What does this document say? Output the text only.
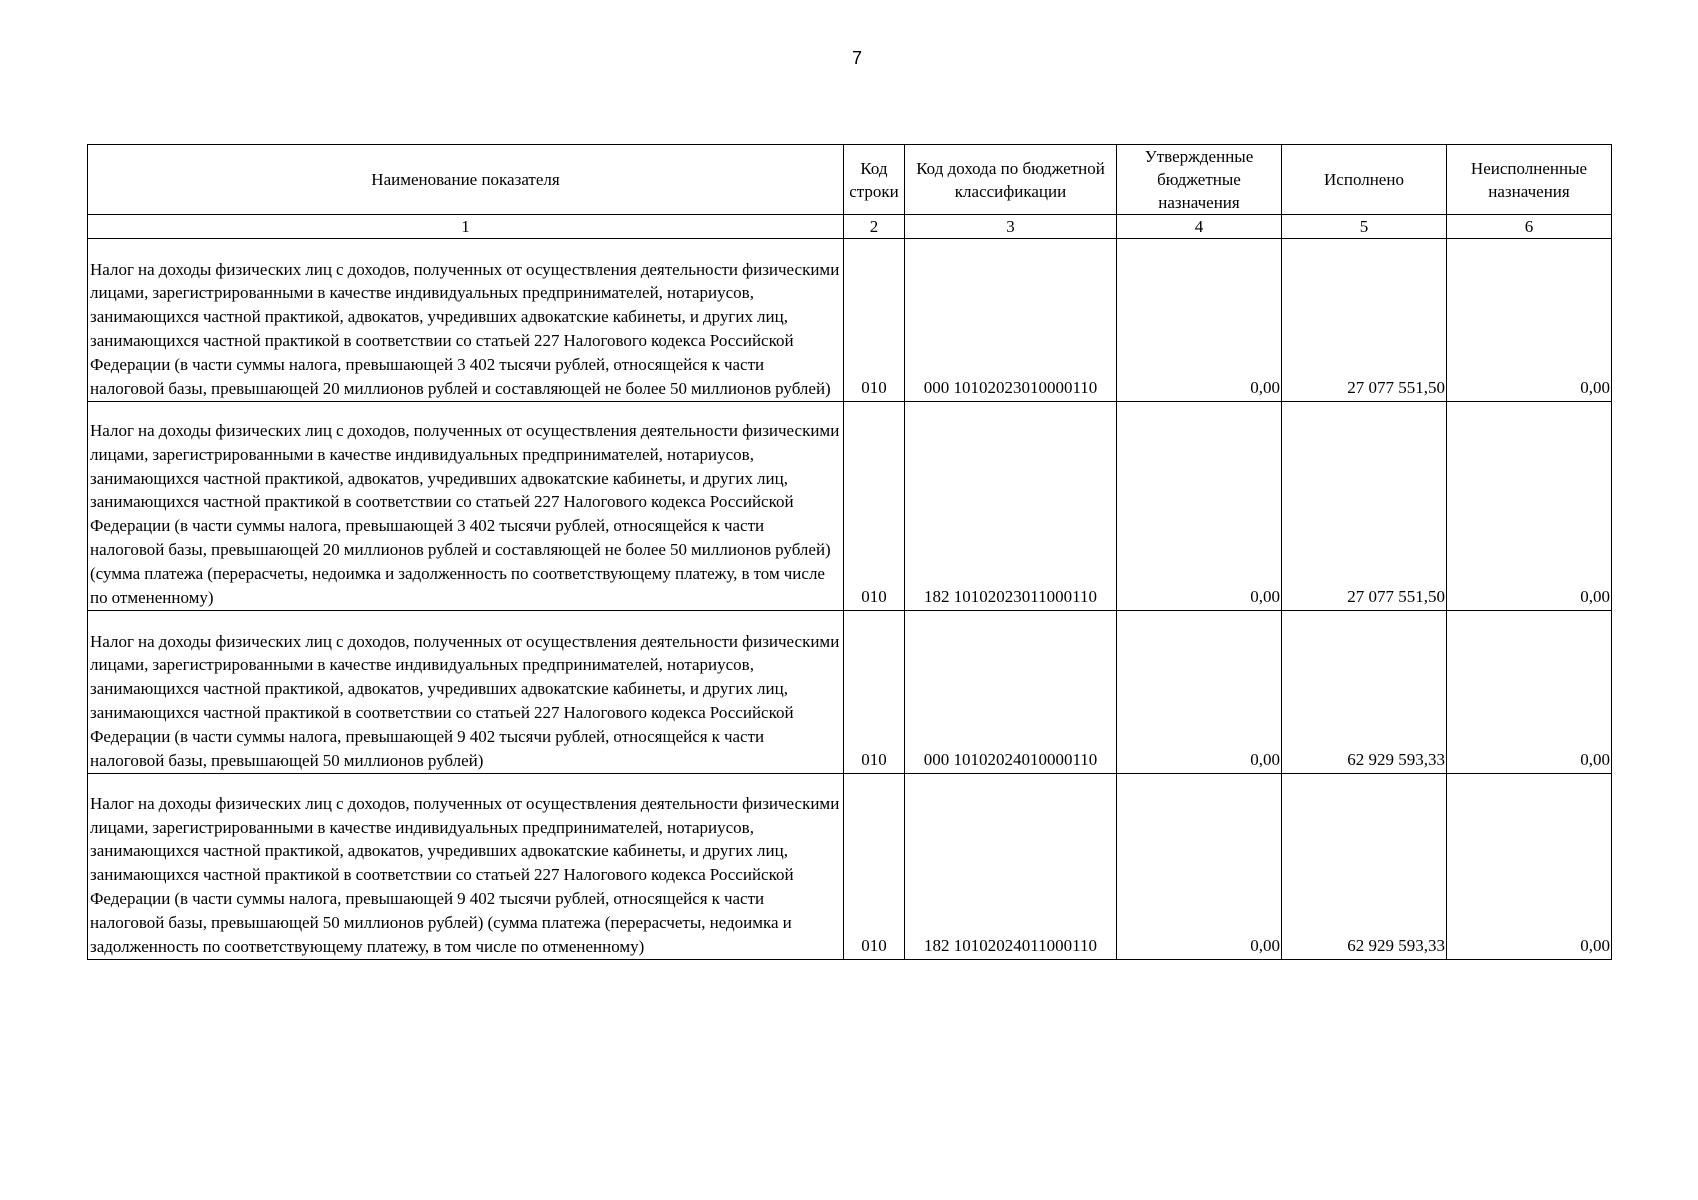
7
Наименование показателя	Код строки	Код дохода по бюджетной классификации	Утвержденные бюджетные назначения	Исполнено	Неисполненные назначения
1	2	3	4	5	6

Налог на доходы физических лиц с доходов, полученных от осуществления деятельности физическими лицами, зарегистрированными в качестве индивидуальных предпринимателей, нотариусов, занимающихся частной практикой, адвокатов, учредивших адвокатские кабинеты, и других лиц, занимающихся частной практикой в соответствии со статьей 227 Налогового кодекса Российской Федерации (в части суммы налога, превышающей 3 402 тысячи рублей, относящейся к части налоговой базы, превышающей 20 миллионов рублей и составляющей не более 50 миллионов рублей)	010	000 10102023010000110	0,00	27 077 551,50	0,00

Налог на доходы физических лиц с доходов, полученных от осуществления деятельности физическими лицами, зарегистрированными в качестве индивидуальных предпринимателей, нотариусов, занимающихся частной практикой, адвокатов, учредивших адвокатские кабинеты, и других лиц, занимающихся частной практикой в соответствии со статьей 227 Налогового кодекса Российской Федерации (в части суммы налога, превышающей 3 402 тысячи рублей, относящейся к части налоговой базы, превышающей 20 миллионов рублей и составляющей не более 50 миллионов рублей) (сумма платежа (перерасчеты, недоимка и задолженность по соответствующему платежу, в том числе по отмененному)	010	182 10102023011000110	0,00	27 077 551,50	0,00

Налог на доходы физических лиц с доходов, полученных от осуществления деятельности физическими лицами, зарегистрированными в качестве индивидуальных предпринимателей, нотариусов, занимающихся частной практикой, адвокатов, учредивших адвокатские кабинеты, и других лиц, занимающихся частной практикой в соответствии со статьей 227 Налогового кодекса Российской Федерации (в части суммы налога, превышающей 9 402 тысячи рублей, относящейся к части налоговой базы, превышающей 50 миллионов рублей)	010	000 10102024010000110	0,00	62 929 593,33	0,00

Налог на доходы физических лиц с доходов, полученных от осуществления деятельности физическими лицами, зарегистрированными в качестве индивидуальных предпринимателей, нотариусов, занимающихся частной практикой, адвокатов, учредивших адвокатские кабинеты, и других лиц, занимающихся частной практикой в соответствии со статьей 227 Налогового кодекса Российской Федерации (в части суммы налога, превышающей 9 402 тысячи рублей, относящейся к части налоговой базы, превышающей 50 миллионов рублей) (сумма платежа (перерасчеты, недоимка и задолженность по соответствующему платежу, в том числе по отмененному)	010	182 10102024011000110	0,00	62 929 593,33	0,00
